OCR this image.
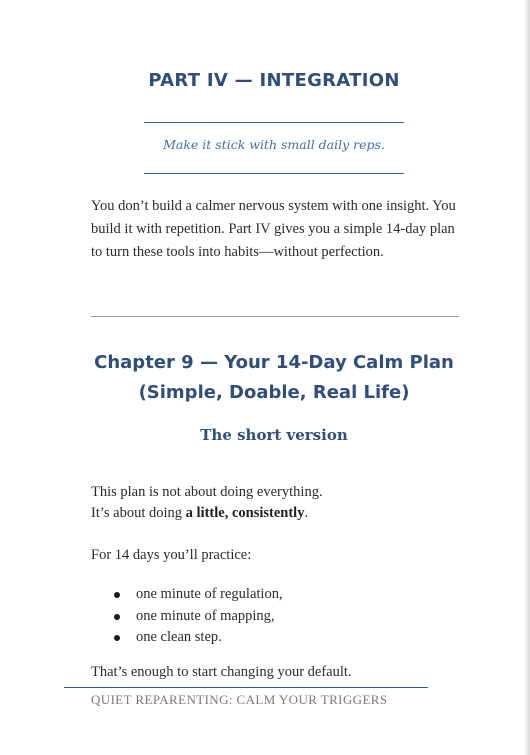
PART IV — INTEGRATION
Make it stick with small daily reps.
You don’t build a calmer nervous system with one insight. You build it with repetition. Part IV gives you a simple 14-day plan to turn these tools into habits—without perfection.
Chapter 9 — Your 14-Day Calm Plan
(Simple, Doable, Real Life)
The short version
This plan is not about doing everything.
It’s about doing a little, consistently.
For 14 days you’ll practice:
one minute of regulation,
one minute of mapping,
one clean step.
That’s enough to start changing your default.
QUIET REPARENTING: CALM YOUR TRIGGERS
